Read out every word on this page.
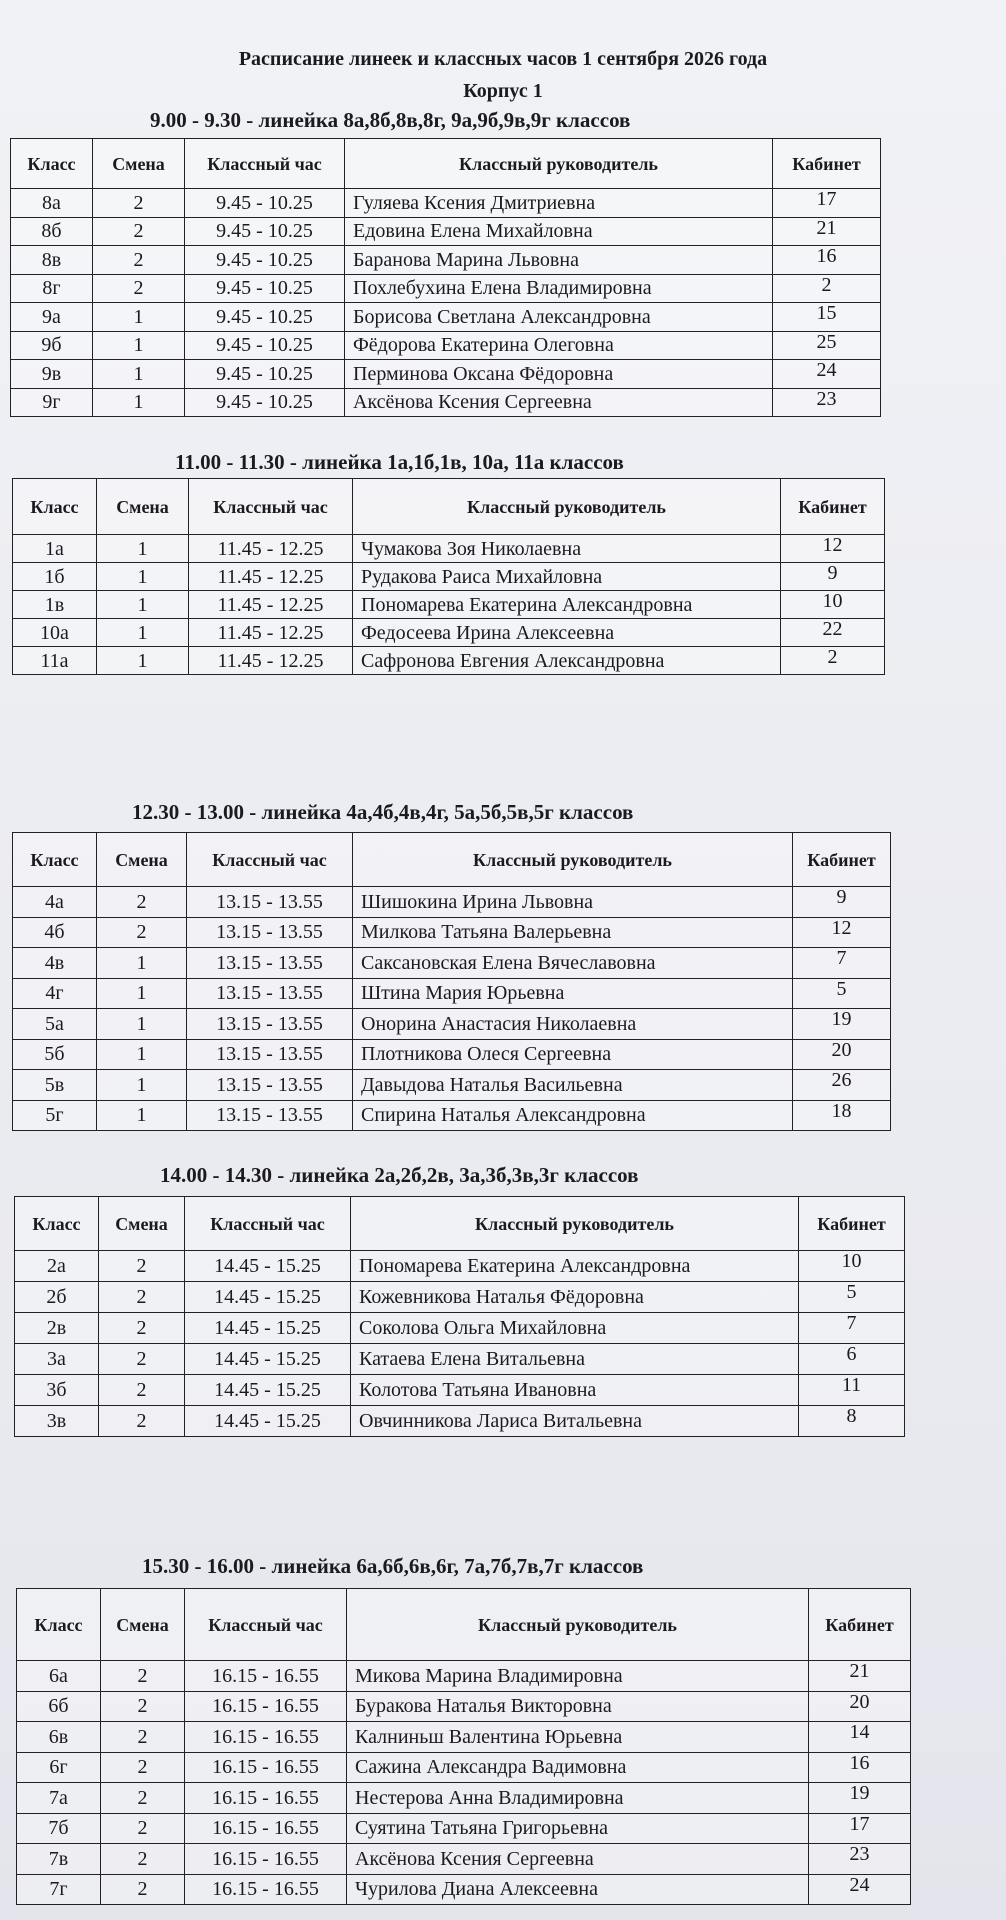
Расписание линеек и классных часов 1 сентября 2026 года
Корпус 1
9.00 - 9.30 - линейка 8а,8б,8в,8г, 9а,9б,9в,9г классов
Класс	Смена	Классный час	Классный руководитель	Кабинет
8а	2	9.45 - 10.25	Гуляева Ксения Дмитриевна	17
8б	2	9.45 - 10.25	Едовина Елена Михайловна	21
8в	2	9.45 - 10.25	Баранова Марина Львовна	16
8г	2	9.45 - 10.25	Похлебухина Елена Владимировна	2
9а	1	9.45 - 10.25	Борисова Светлана Александровна	15
9б	1	9.45 - 10.25	Фёдорова Екатерина Олеговна	25
9в	1	9.45 - 10.25	Перминова Оксана Фёдоровна	24
9г	1	9.45 - 10.25	Аксёнова Ксения Сергеевна	23
11.00 - 11.30 - линейка 1а,1б,1в, 10а, 11а классов
Класс	Смена	Классный час	Классный руководитель	Кабинет
1а	1	11.45 - 12.25	Чумакова Зоя Николаевна	12
1б	1	11.45 - 12.25	Рудакова Раиса Михайловна	9
1в	1	11.45 - 12.25	Пономарева Екатерина Александровна	10
10а	1	11.45 - 12.25	Федосеева Ирина Алексеевна	22
11а	1	11.45 - 12.25	Сафронова Евгения Александровна	2
12.30 - 13.00 - линейка 4а,4б,4в,4г, 5а,5б,5в,5г классов
Класс	Смена	Классный час	Классный руководитель	Кабинет
4а	2	13.15 - 13.55	Шишокина Ирина Львовна	9
4б	2	13.15 - 13.55	Милкова Татьяна Валерьевна	12
4в	1	13.15 - 13.55	Саксановская Елена Вячеславовна	7
4г	1	13.15 - 13.55	Штина Мария Юрьевна	5
5а	1	13.15 - 13.55	Онорина Анастасия Николаевна	19
5б	1	13.15 - 13.55	Плотникова Олеся Сергеевна	20
5в	1	13.15 - 13.55	Давыдова Наталья Васильевна	26
5г	1	13.15 - 13.55	Спирина Наталья Александровна	18
14.00 - 14.30 - линейка 2а,2б,2в, 3а,3б,3в,3г классов
Класс	Смена	Классный час	Классный руководитель	Кабинет
2а	2	14.45 - 15.25	Пономарева Екатерина Александровна	10
2б	2	14.45 - 15.25	Кожевникова Наталья Фёдоровна	5
2в	2	14.45 - 15.25	Соколова Ольга Михайловна	7
3а	2	14.45 - 15.25	Катаева Елена Витальевна	6
3б	2	14.45 - 15.25	Колотова Татьяна Ивановна	11
3в	2	14.45 - 15.25	Овчинникова Лариса Витальевна	8
15.30 - 16.00 - линейка 6а,6б,6в,6г, 7а,7б,7в,7г классов
Класс	Смена	Классный час	Классный руководитель	Кабинет
6а	2	16.15 - 16.55	Микова Марина Владимировна	21
6б	2	16.15 - 16.55	Буракова Наталья Викторовна	20
6в	2	16.15 - 16.55	Калниньш Валентина Юрьевна	14
6г	2	16.15 - 16.55	Сажина Александра Вадимовна	16
7а	2	16.15 - 16.55	Нестерова Анна Владимировна	19
7б	2	16.15 - 16.55	Суятина Татьяна Григорьевна	17
7в	2	16.15 - 16.55	Аксёнова Ксения Сергеевна	23
7г	2	16.15 - 16.55	Чурилова Диана Алексеевна	24
